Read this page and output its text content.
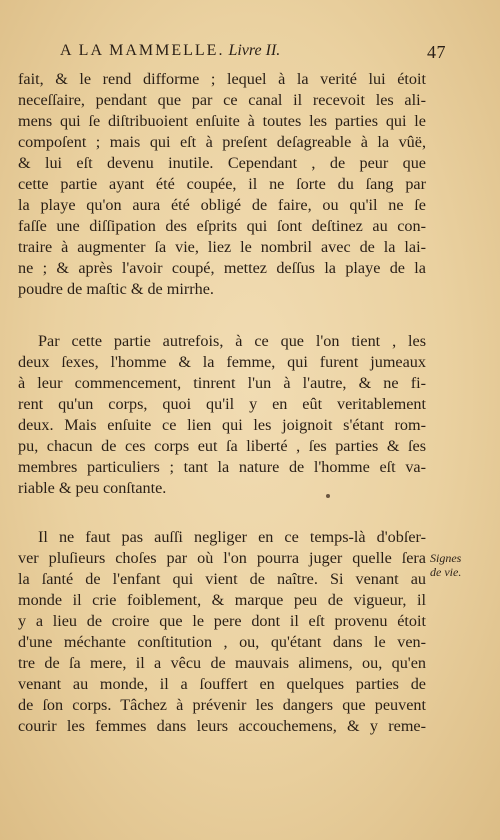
A LA MAMMELLE. Livre II.	47
fait, & le rend difforme ; lequel à la verité lui étoit
neceſſaire, pendant que par ce canal il recevoit les ali-
mens qui ſe diſtribuoient enſuite à toutes les parties qui le
compoſent ; mais qui eſt à preſent deſagreable à la vûë,
& lui eſt devenu inutile. Cependant , de peur que
cette partie ayant été coupée, il ne ſorte du ſang par
la playe qu'on aura été obligé de faire, ou qu'il ne ſe
faſſe une diſſipation des eſprits qui ſont deſtinez au con-
traire à augmenter ſa vie, liez le nombril avec de la lai-
ne ; & après l'avoir coupé, mettez deſſus la playe de la
poudre de maſtic & de mirrhe.
Par cette partie autrefois, à ce que l'on tient , les
deux ſexes, l'homme & la femme, qui furent jumeaux
à leur commencement, tinrent l'un à l'autre, & ne fi-
rent qu'un corps, quoi qu'il y en eût veritablement
deux. Mais enſuite ce lien qui les joignoit s'étant rom-
pu, chacun de ces corps eut ſa liberté , ſes parties & ſes
membres particuliers ; tant la nature de l'homme eſt va-
riable & peu conſtante.
Il ne faut pas auſſi negliger en ce temps-là d'obſer-
ver pluſieurs choſes par où l'on pourra juger quelle ſera
la ſanté de l'enfant qui vient de naître. Si venant au
monde il crie foiblement, & marque peu de vigueur, il
y a lieu de croire que le pere dont il eſt provenu étoit
d'une méchante conſtitution , ou, qu'étant dans le ven-
tre de ſa mere, il a vêcu de mauvais alimens, ou, qu'en
venant au monde, il a ſouffert en quelques parties de
de ſon corps. Tâchez à prévenir les dangers que peuvent
courir les femmes dans leurs accouchemens, & y reme-
Signes
de vie.
